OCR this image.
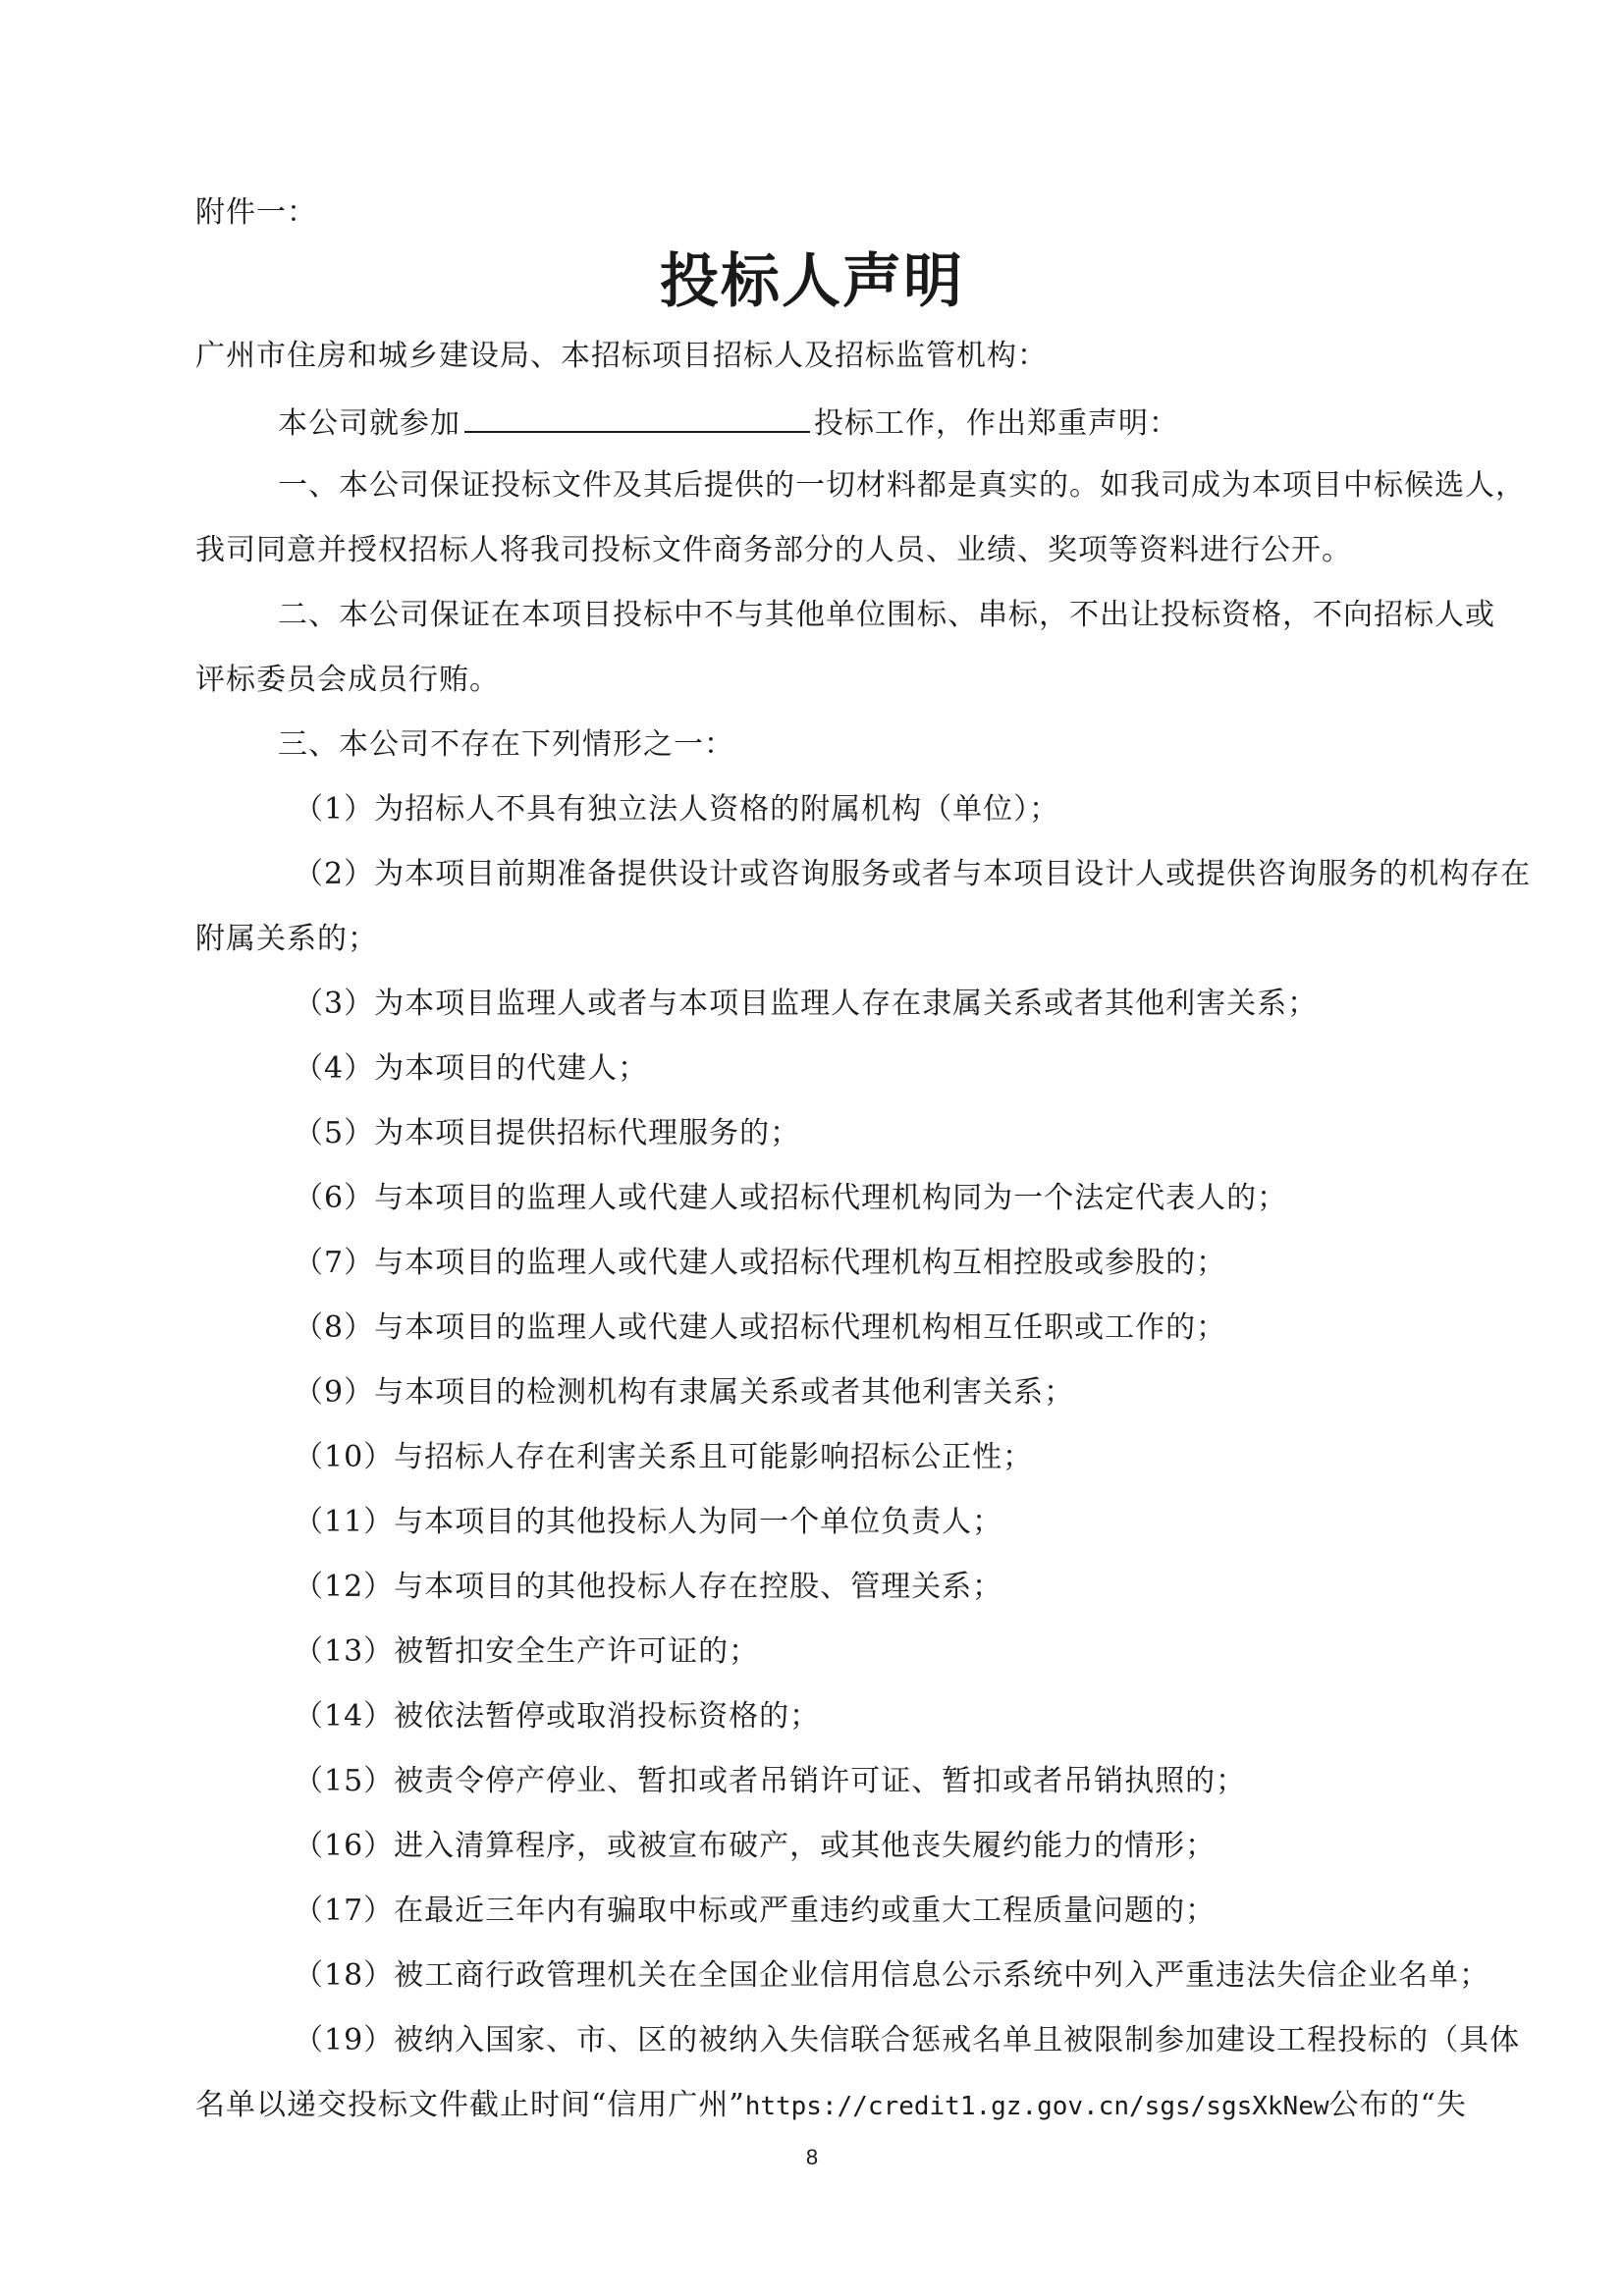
附件一：
投标人声明
广州市住房和城乡建设局、本招标项目招标人及招标监管机构：
本公司就参加	投标工作，作出郑重声明：
一、本公司保证投标文件及其后提供的一切材料都是真实的。如我司成为本项目中标候选人，
我司同意并授权招标人将我司投标文件商务部分的人员、业绩、奖项等资料进行公开。
二、本公司保证在本项目投标中不与其他单位围标、串标，不出让投标资格，不向招标人或
评标委员会成员行贿。
三、本公司不存在下列情形之一：
（1）为招标人不具有独立法人资格的附属机构（单位）；
（2）为本项目前期准备提供设计或咨询服务或者与本项目设计人或提供咨询服务的机构存在
附属关系的；
（3）为本项目监理人或者与本项目监理人存在隶属关系或者其他利害关系；
（4）为本项目的代建人；
（5）为本项目提供招标代理服务的；
（6）与本项目的监理人或代建人或招标代理机构同为一个法定代表人的；
（7）与本项目的监理人或代建人或招标代理机构互相控股或参股的；
（8）与本项目的监理人或代建人或招标代理机构相互任职或工作的；
（9）与本项目的检测机构有隶属关系或者其他利害关系；
（10）与招标人存在利害关系且可能影响招标公正性；
（11）与本项目的其他投标人为同一个单位负责人；
（12）与本项目的其他投标人存在控股、管理关系；
（13）被暂扣安全生产许可证的；
（14）被依法暂停或取消投标资格的；
（15）被责令停产停业、暂扣或者吊销许可证、暂扣或者吊销执照的；
（16）进入清算程序，或被宣布破产，或其他丧失履约能力的情形；
（17）在最近三年内有骗取中标或严重违约或重大工程质量问题的；
（18）被工商行政管理机关在全国企业信用信息公示系统中列入严重违法失信企业名单；
（19）被纳入国家、市、区的被纳入失信联合惩戒名单且被限制参加建设工程投标的（具体
名单以递交投标文件截止时间“信用广州”https://credit1.gz.gov.cn/sgs/sgsXkNew公布的“失
8
